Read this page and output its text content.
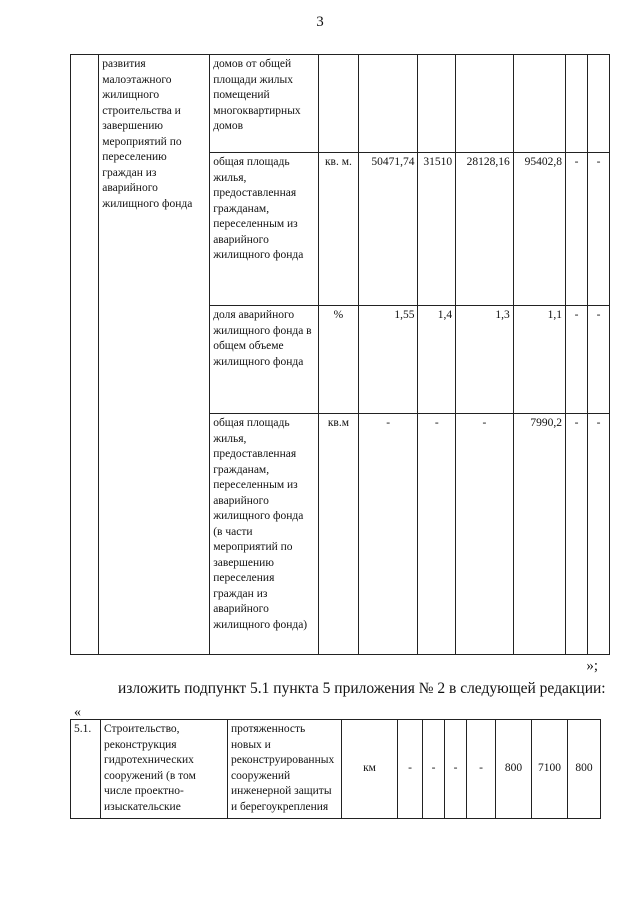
3
	развития малоэтажного жилищного строительства и завершению мероприятий по переселению граждан из аварийного жилищного фонда	домов от общей площади жилых помещений многоквартирных домов							
		общая площадь жилья, предоставленная гражданам, переселенным из аварийного жилищного фонда	кв. м.	50471,74	31510	28128,16	95402,8	-	-
		доля аварийного жилищного фонда в общем объеме жилищного фонда	%	1,55	1,4	1,3	1,1	-	-
		общая площадь жилья, предоставленная гражданам, переселенным из аварийного жилищного фонда (в части мероприятий по завершению переселения граждан из аварийного жилищного фонда)	кв.м	-	-	-	7990,2	-	-
»;
изложить подпункт 5.1 пункта 5 приложения № 2 в следующей редакции:
«
5.1.	Строительство, реконструкция гидротехнических сооружений (в том числе проектно-изыскательские	протяженность новых и реконструированных сооружений инженерной защиты и берегоукрепления	км	-	-	-	-	800	7100	800
